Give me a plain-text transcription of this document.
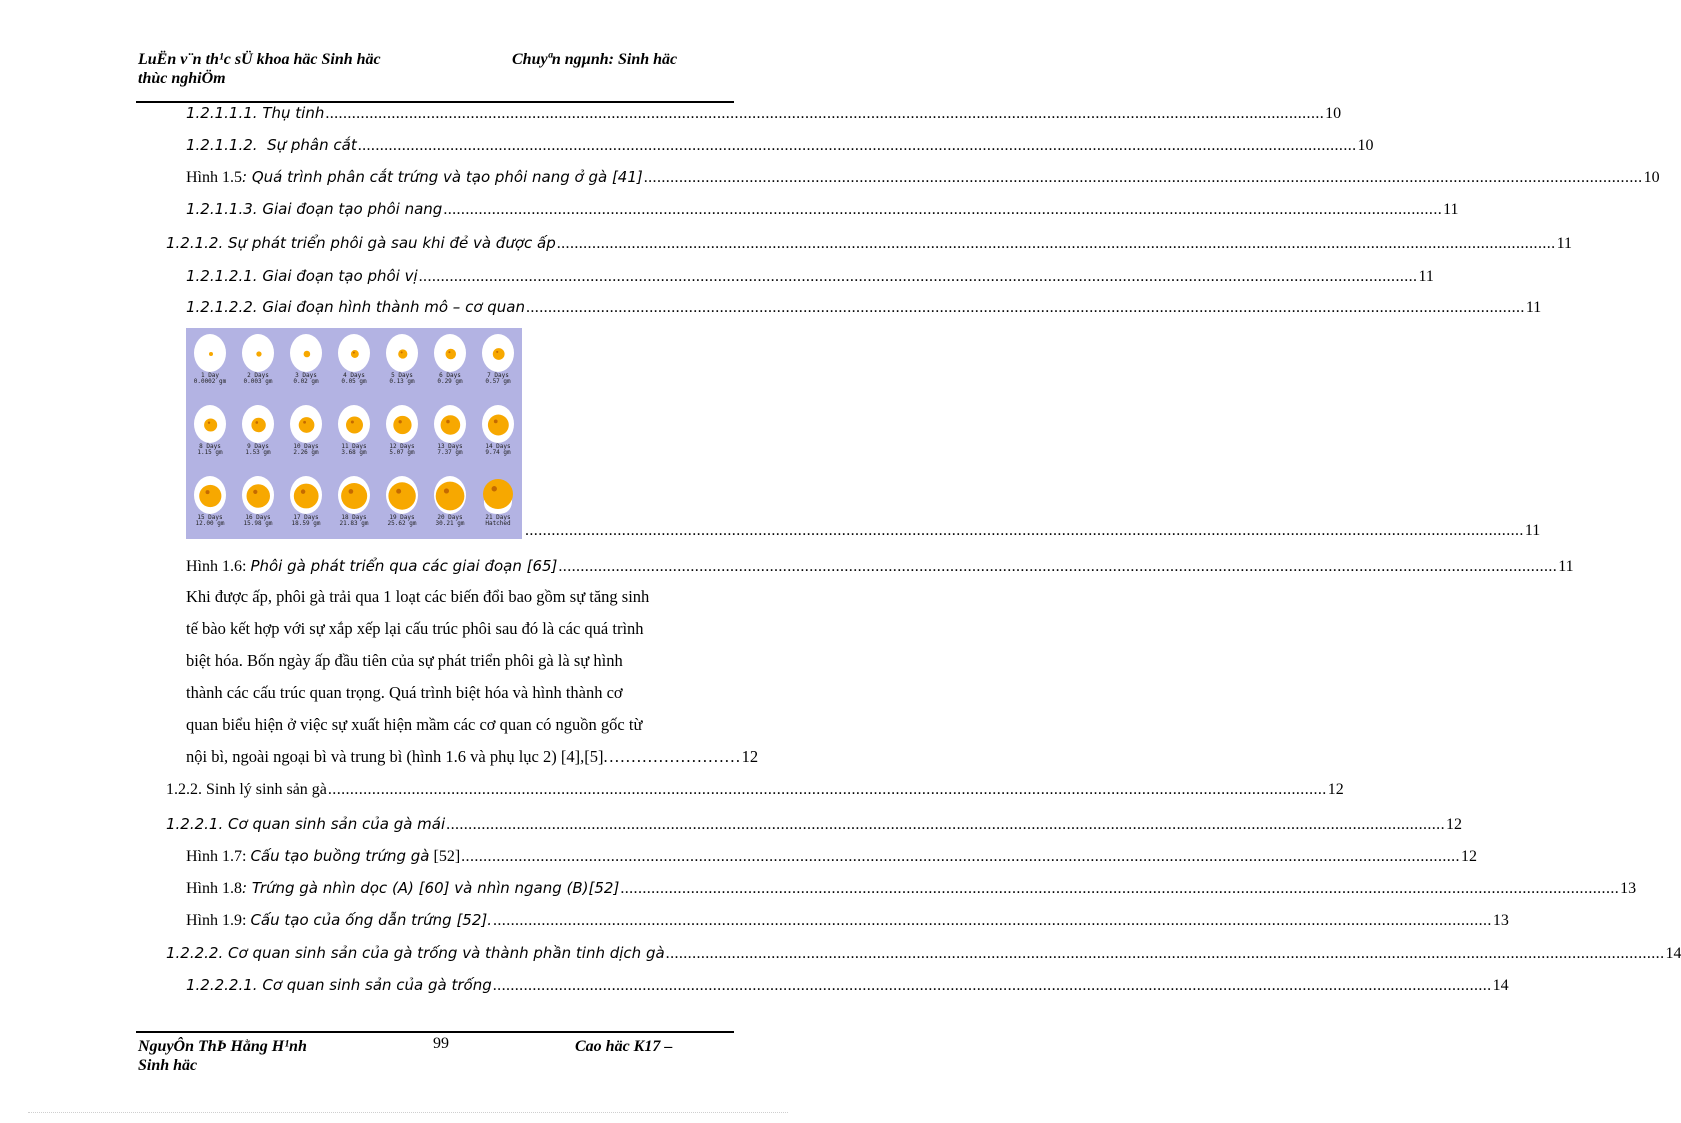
LuËn v¨n th¹c sÜ khoa häc Sinh häc
thùc nghiÖm
Chuyªn ngµnh: Sinh häc
1.2.1.1.1. Thụ tinh .....	10
1.2.1.1.2. Sự phân cắt .....	10
Hình 1.5: Quá trình phân cắt trứng và tạo phôi nang ở gà [41] .....	10
1.2.1.1.3. Giai đoạn tạo phôi nang .....	11
1.2.1.2. Sự phát triển phôi gà sau khi đẻ và được ấp .....	11
1.2.1.2.1. Giai đoạn tạo phôi vị .....	11
1.2.1.2.2. Giai đoạn hình thành mô – cơ quan .....	11
1 Day
0.0002 gm
2 Days
0.003 gm
3 Days
0.02 gm
4 Days
0.05 gm
5 Days
0.13 gm
6 Days
0.29 gm
7 Days
0.57 gm
8 Days
1.15 gm
9 Days
1.53 gm
10 Days
2.26 gm
11 Days
3.68 gm
12 Days
5.07 gm
13 Days
7.37 gm
14 Days
9.74 gm
15 Days
12.00 gm
16 Days
15.98 gm
17 Days
18.59 gm
18 Days
21.83 gm
19 Days
25.62 gm
20 Days
30.21 gm
21 Days
Hatched .....	11
Hình 1.6: Phôi gà phát triển qua các giai đoạn [65] .....	11
Khi được ấp, phôi gà trải qua 1 loạt các biến đổi bao gồm sự tăng sinh
tế bào kết hợp với sự xắp xếp lại cấu trúc phôi sau đó là các quá trình
biệt hóa. Bốn ngày ấp đầu tiên của sự phát triển phôi gà là sự hình
thành các cấu trúc quan trọng. Quá trình biệt hóa và hình thành cơ
quan biểu hiện ở việc sự xuất hiện mầm các cơ quan có nguồn gốc từ
nội bì, ngoài ngoại bì và trung bì (hình 1.6 và phụ lục 2) [4],[5]. …………………… 12
1.2.2. Sinh lý sinh sản gà .....	12
1.2.2.1. Cơ quan sinh sản của gà mái .....	12
Hình 1.7: Cấu tạo buồng trứng gà [52] .....	12
Hình 1.8: Trứng gà nhìn dọc (A) [60] và nhìn ngang (B)[52] .....	13
Hình 1.9: Cấu tạo của ống dẫn trứng [52]. .....	13
1.2.2.2. Cơ quan sinh sản của gà trống và thành phần tinh dịch gà .....	14
1.2.2.2.1. Cơ quan sinh sản của gà trống .....	14
NguyÔn ThÞ Hằng H¹nh
Sinh häc
99	Cao häc K17 –
